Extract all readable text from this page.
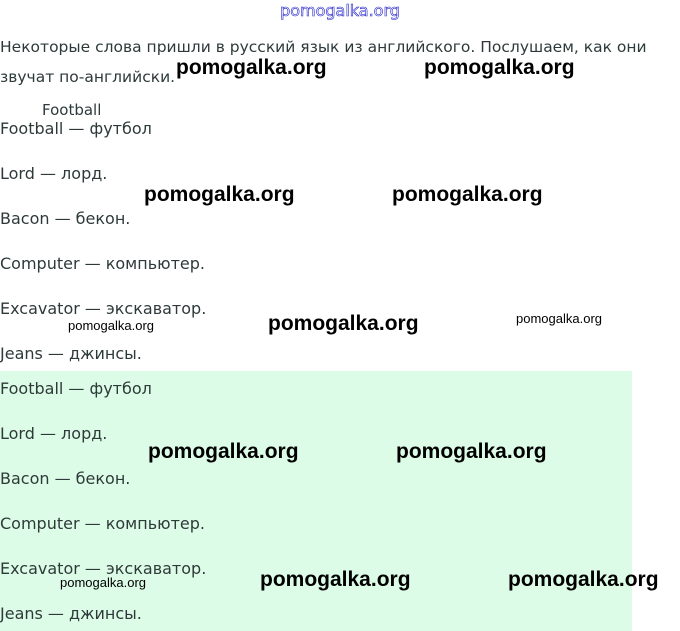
pomogalka.org
Некоторые слова пришли в русский язык из английского. Послушаем, как они звучат по-английски.
Football
Football — футбол
Lord — лорд.
Bacon — бекон.
Computer — компьютер.
Excavator — экскаватор.
Jeans — джинсы.
Football — футбол
Lord — лорд.
Bacon — бекон.
Computer — компьютер.
Excavator — экскаватор.
Jeans — джинсы.
pomogalka.org	pomogalka.org
pomogalka.org	pomogalka.org
pomogalka.org	pomogalka.org	pomogalka.org
pomogalka.org	pomogalka.org
pomogalka.org	pomogalka.org	pomogalka.org
